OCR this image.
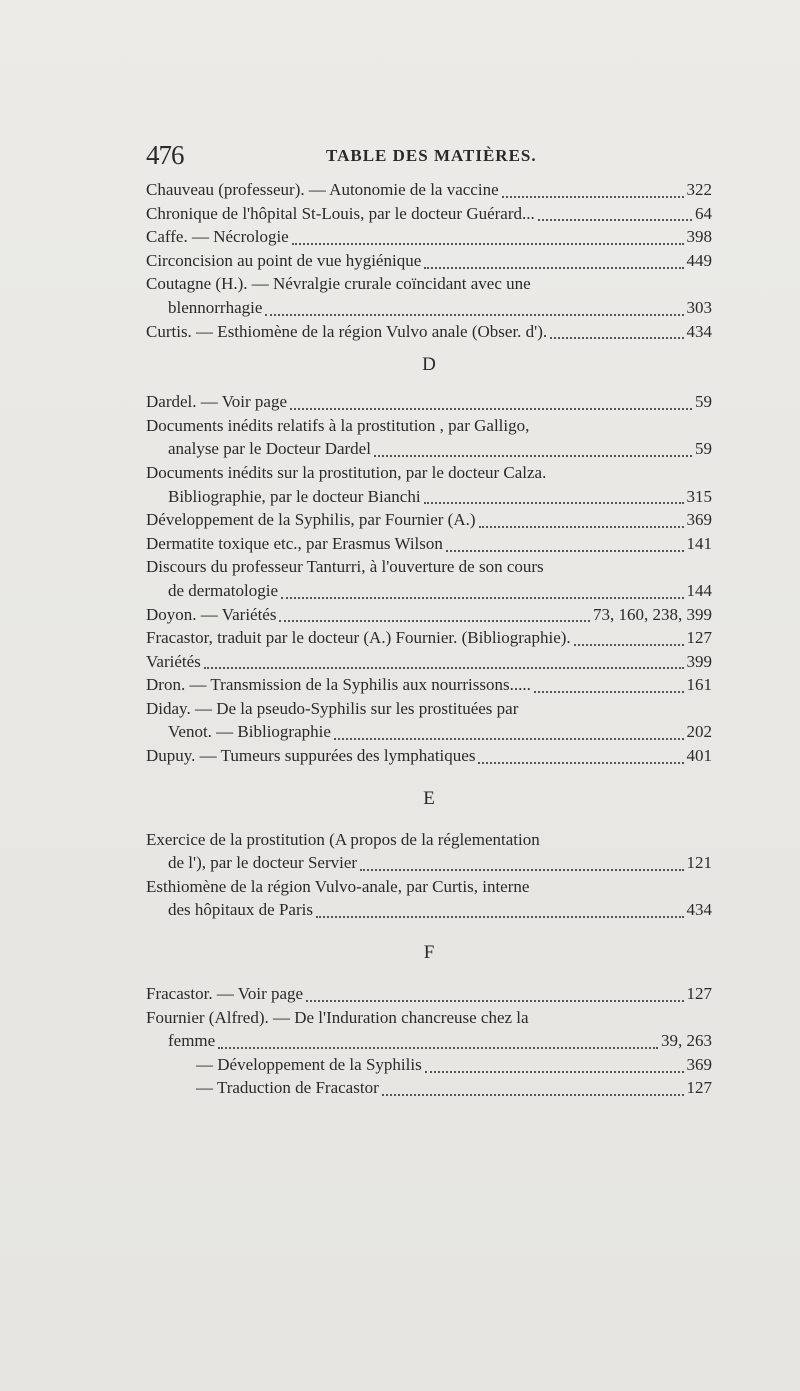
476	TABLE DES MATIÈRES.
Chauveau (professeur). — Autonomie de la vaccine	322
Chronique de l'hôpital St-Louis, par le docteur Guérard...	64
Caffe. — Nécrologie	398
Circoncision au point de vue hygiénique	449
Coutagne (H.). — Névralgie crurale coïncidant avec une
blennorrhagie	303
Curtis. — Esthiomène de la région Vulvo anale (Obser. d').	434
D
Dardel. — Voir page	59
Documents inédits relatifs à la prostitution , par Galligo,
analyse par le Docteur Dardel	59
Documents inédits sur la prostitution, par le docteur Calza.
Bibliographie, par le docteur Bianchi	315
Développement de la Syphilis, par Fournier (A.)	369
Dermatite toxique etc., par Erasmus Wilson	141
Discours du professeur Tanturri, à l'ouverture de son cours
de dermatologie	144
Doyon. — Variétés	73, 160, 238, 399
Fracastor, traduit par le docteur (A.) Fournier. (Bibliographie).	127
Variétés	399
Dron. — Transmission de la Syphilis aux nourrissons.....	161
Diday. — De la pseudo-Syphilis sur les prostituées par
Venot. — Bibliographie	202
Dupuy. — Tumeurs suppurées des lymphatiques	401
E
Exercice de la prostitution (A propos de la réglementation
de l'), par le docteur Servier	121
Esthiomène de la région Vulvo-anale, par Curtis, interne
des hôpitaux de Paris	434
F
Fracastor. — Voir page	127
Fournier (Alfred). — De l'Induration chancreuse chez la
femme	39, 263
— Développement de la Syphilis	369
— Traduction de Fracastor	127
